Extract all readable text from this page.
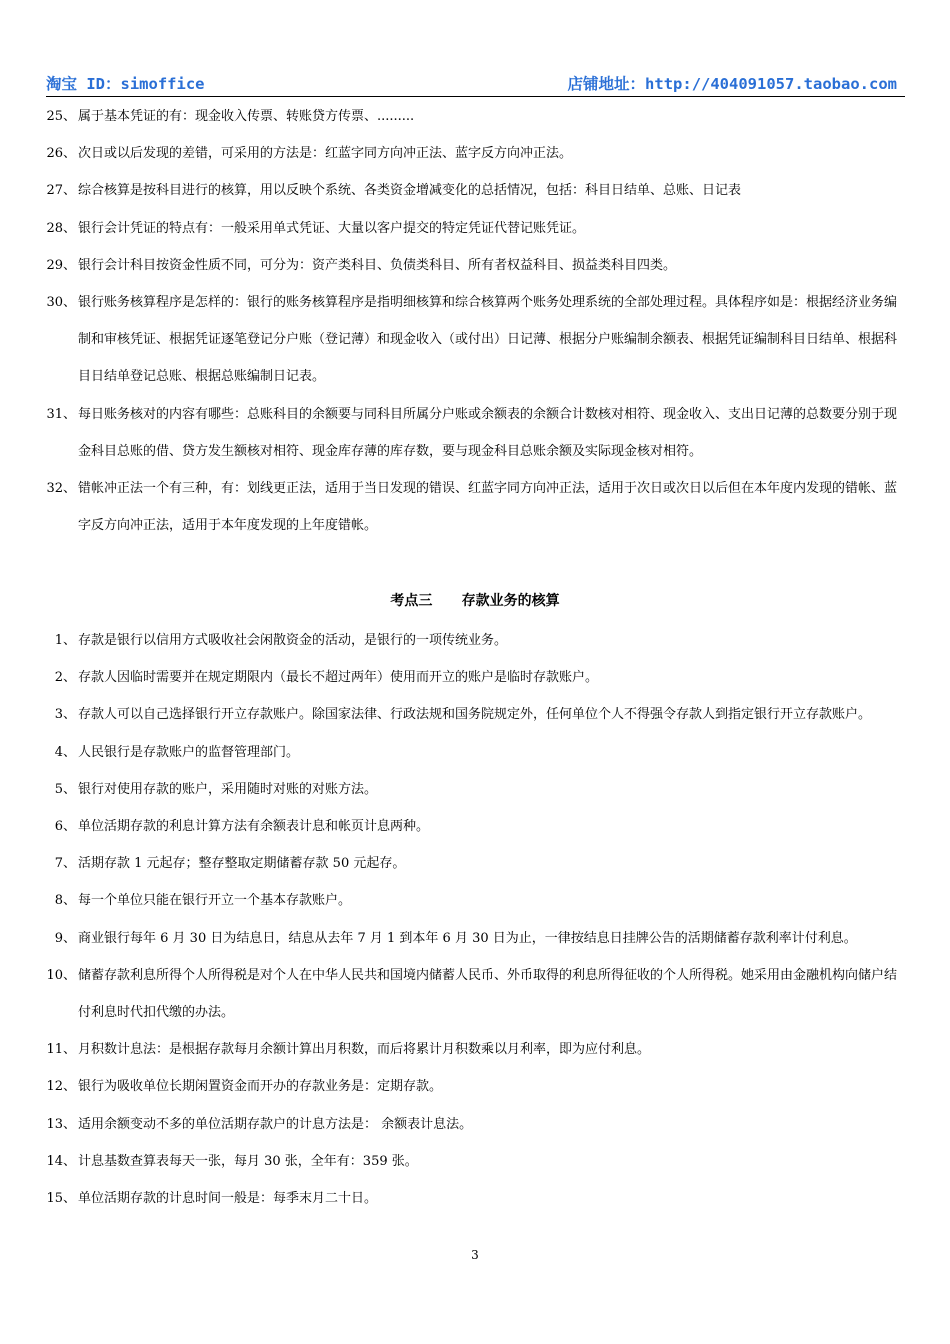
淘宝 ID：simoffice	店铺地址：http://404091057.taobao.com
25、 属于基本凭证的有：现金收入传票、转账贷方传票、.........
26、 次日或以后发现的差错，可采用的方法是：红蓝字同方向冲正法、蓝字反方向冲正法。
27、 综合核算是按科目进行的核算，用以反映个系统、各类资金增减变化的总括情况，包括：科目日结单、总账、日记表
28、 银行会计凭证的特点有：一般采用单式凭证、大量以客户提交的特定凭证代替记账凭证。
29、 银行会计科目按资金性质不同，可分为：资产类科目、负债类科目、所有者权益科目、损益类科目四类。
30、 银行账务核算程序是怎样的：银行的账务核算程序是指明细核算和综合核算两个账务处理系统的全部处理过程。具体程序如是：根据经济业务编制和审核凭证、根据凭证逐笔登记分户账（登记薄）和现金收入（或付出）日记薄、根据分户账编制余额表、根据凭证编制科目日结单、根据科目日结单登记总账、根据总账编制日记表。
31、 每日账务核对的内容有哪些：总账科目的余额要与同科目所属分户账或余额表的余额合计数核对相符、现金收入、支出日记薄的总数要分别于现金科目总账的借、贷方发生额核对相符、现金库存薄的库存数，要与现金科目总账余额及实际现金核对相符。
32、 错帐冲正法一个有三种，有：划线更正法，适用于当日发现的错误、红蓝字同方向冲正法，适用于次日或次日以后但在本年度内发现的错帐、蓝字反方向冲正法，适用于本年度发现的上年度错帐。
考点三      存款业务的核算
1、 存款是银行以信用方式吸收社会闲散资金的活动，是银行的一项传统业务。
2、 存款人因临时需要并在规定期限内（最长不超过两年）使用而开立的账户是临时存款账户。
3、 存款人可以自己选择银行开立存款账户。除国家法律、行政法规和国务院规定外，任何单位个人不得强令存款人到指定银行开立存款账户。
4、 人民银行是存款账户的监督管理部门。
5、 银行对使用存款的账户，采用随时对账的对账方法。
6、 单位活期存款的利息计算方法有余额表计息和帐页计息两种。
7、 活期存款 1 元起存；整存整取定期储蓄存款 50 元起存。
8、 每一个单位只能在银行开立一个基本存款账户。
9、 商业银行每年 6 月 30 日为结息日，结息从去年 7 月 1 到本年 6 月 30 日为止，一律按结息日挂牌公告的活期储蓄存款利率计付利息。
10、 储蓄存款利息所得个人所得税是对个人在中华人民共和国境内储蓄人民币、外币取得的利息所得征收的个人所得税。她采用由金融机构向储户结付利息时代扣代缴的办法。
11、 月积数计息法：是根据存款每月余额计算出月积数，而后将累计月积数乘以月利率，即为应付利息。
12、 银行为吸收单位长期闲置资金而开办的存款业务是：定期存款。
13、 适用余额变动不多的单位活期存款户的计息方法是： 余额表计息法。
14、 计息基数查算表每天一张，每月 30 张，全年有：359 张。
15、 单位活期存款的计息时间一般是：每季末月二十日。
3
